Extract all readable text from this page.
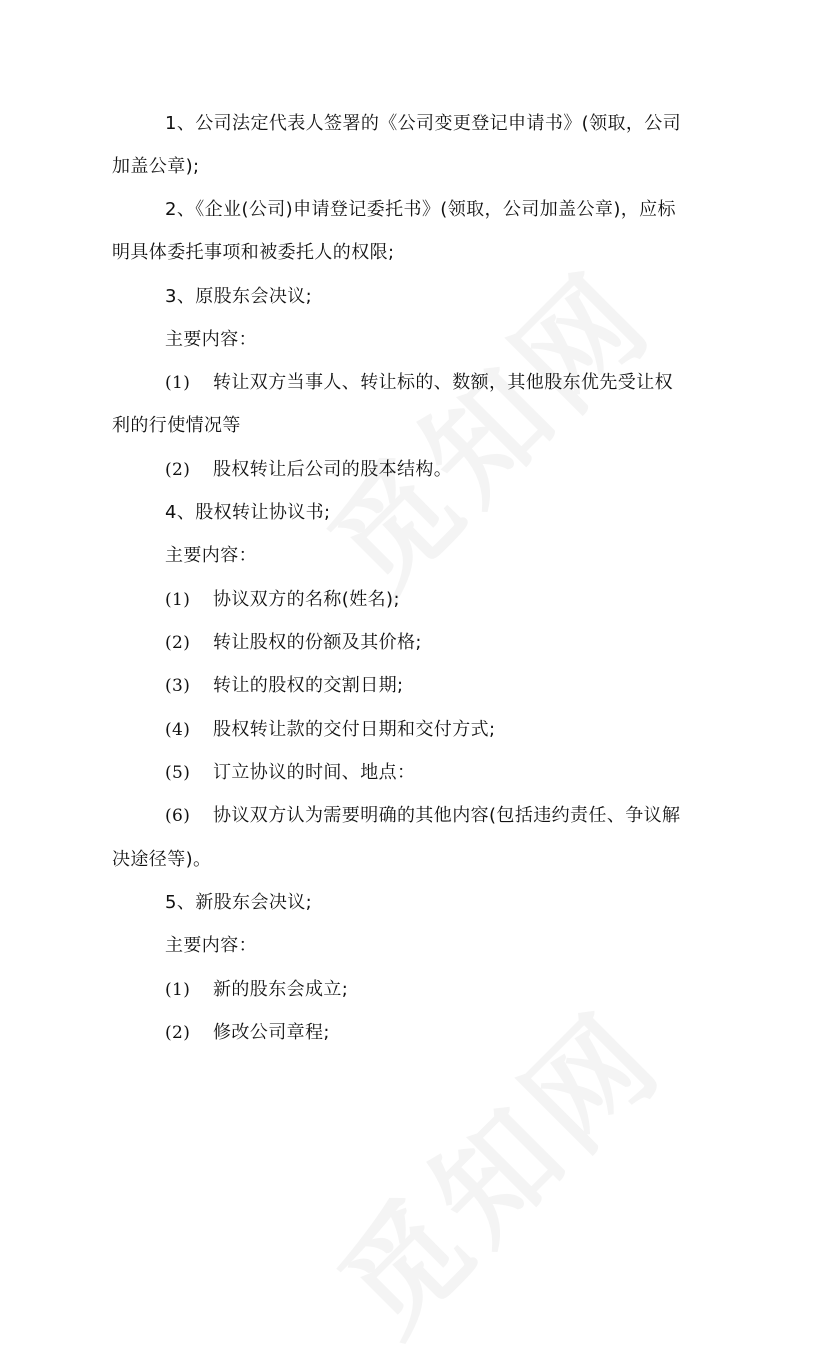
1、公司法定代表人签署的《公司变更登记申请书》(领取，公司
加盖公章);
2、《企业(公司)申请登记委托书》(领取，公司加盖公章)，应标
明具体委托事项和被委托人的权限;
3、原股东会决议;
主要内容：
(1) 转让双方当事人、转让标的、数额，其他股东优先受让权
利的行使情况等
(2) 股权转让后公司的股本结构。
4、股权转让协议书;
主要内容：
(1) 协议双方的名称(姓名);
(2) 转让股权的份额及其价格;
(3) 转让的股权的交割日期;
(4) 股权转让款的交付日期和交付方式;
(5) 订立协议的时间、地点：
(6) 协议双方认为需要明确的其他内容(包括违约责任、争议解
决途径等)。
5、新股东会决议;
主要内容：
(1) 新的股东会成立;
(2) 修改公司章程;
